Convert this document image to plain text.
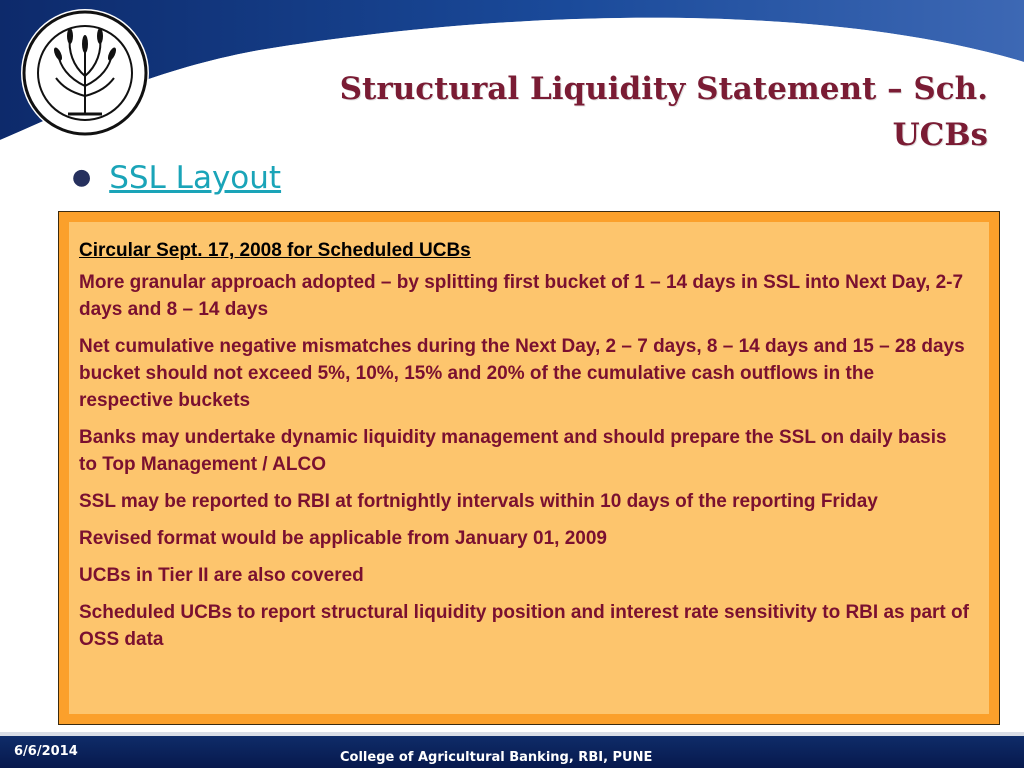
Structural Liquidity Statement – Sch.
UCBs
● SSL Layout

Circular Sept. 17, 2008 for Scheduled UCBs

More granular approach adopted – by splitting first bucket of 1 – 14 days in SSL into Next Day, 2-7 days and 8 – 14 days

Net cumulative negative mismatches during the Next Day, 2 – 7 days, 8 – 14 days and 15 – 28 days bucket should not exceed 5%, 10%, 15% and 20% of the cumulative cash outflows in the respective buckets

Banks may undertake dynamic liquidity management and should prepare the SSL on daily basis to Top Management / ALCO

SSL may be reported to RBI at fortnightly intervals within 10 days of the reporting Friday

Revised format would be applicable from January 01, 2009

UCBs in Tier II are also covered

Scheduled UCBs to report structural liquidity position and interest rate sensitivity to RBI as part of OSS data

6/6/2014	College of Agricultural Banking, RBI, PUNE
